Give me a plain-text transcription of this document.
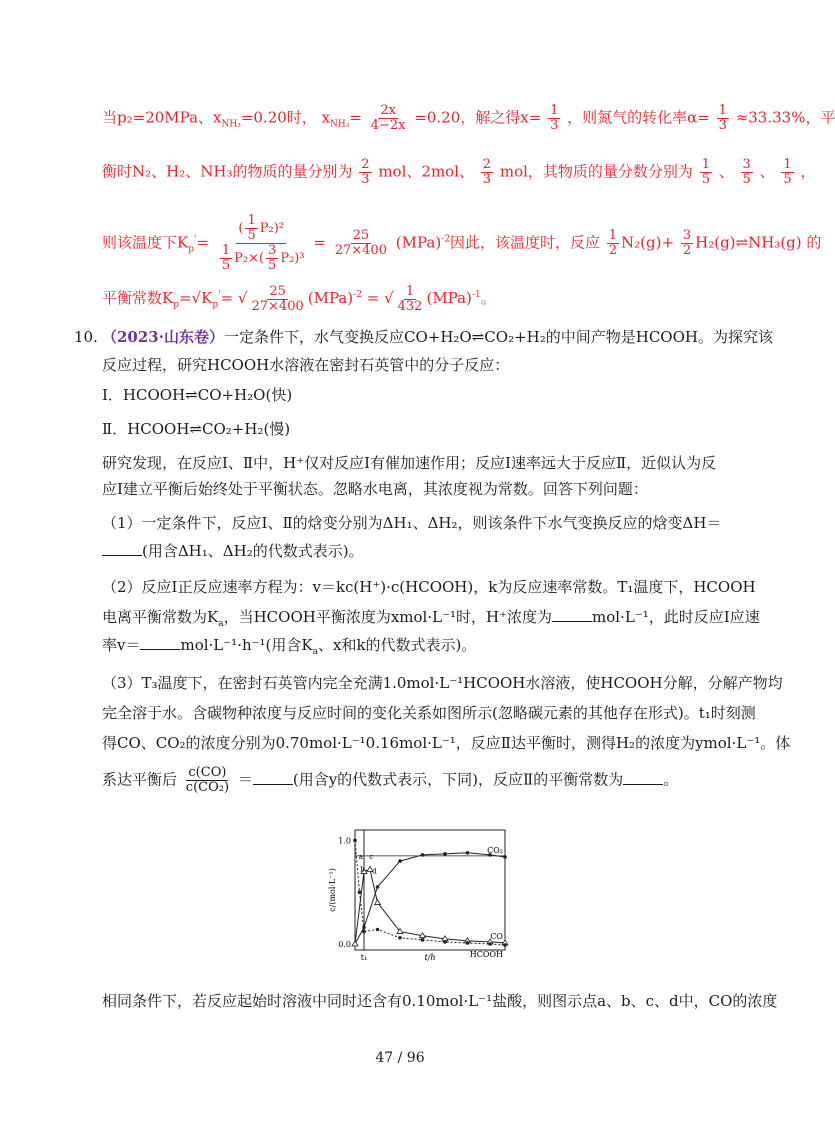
当p₂=20MPa、$x_{NH_3}=0.20$时， $x_{NH_3}= \frac{2x}{4-2x} =0.20$，解之得$x= \frac{1}{3}$ ，则氮气的转化率$\alpha= \frac{1}{3} \approx 33.33\%$，平
衡时N₂、H₂、NH₃的物质的量分别为 $\frac{2}{3}$ mol、2mol、 $\frac{2}{3}$ mol，其物质的量分数分别为 $\frac{1}{5}$ 、 $\frac{3}{5}$ 、 $\frac{1}{5}$ ，
则该温度下$K_p'= \frac{( \frac{1}{5} P_2)^2}{\frac{1}{5} P_2\times( \frac{3}{5} P_2)^3} = \frac{25}{27\times 400} (MPa)^{-2}$因此，该温度时，反应 $\frac{1}{2} N_2(g)+ \frac{3}{2}$ H₂(g)⇌NH₃(g) 的
平衡常数$K_p=√K_p'=$ √ $\frac{25}{27\times 400} (MPa)^{-2}$ = √ $\frac{1}{432} (MPa)^{-1}$。
10. （2023·山东卷）一定条件下，水气变换反应CO+H₂O⇌CO₂+H₂的中间产物是HCOOH。为探究该
反应过程，研究HCOOH水溶液在密封石英管中的分子反应：
Ⅰ．HCOOH⇌CO+H₂O(快)
Ⅱ．HCOOH⇌CO₂+H₂(慢)
研究发现，在反应Ⅰ、Ⅱ中，H⁺仅对反应Ⅰ有催加速作用；反应Ⅰ速率远大于反应Ⅱ，近似认为反
应Ⅰ建立平衡后始终处于平衡状态。忽略水电离，其浓度视为常数。回答下列问题：
（1）一定条件下，反应Ⅰ、Ⅱ的焓变分别为ΔH₁、ΔH₂，则该条件下水气变换反应的焓变ΔH＝
(用含ΔH₁、ΔH₂的代数式表示)。
（2）反应Ⅰ正反应速率方程为：v＝kc(H⁺)·c(HCOOH)，k为反应速率常数。T₁温度下，HCOOH
电离平衡常数为$K_a$，当HCOOH平衡浓度为xmol·L⁻¹时，H⁺浓度为	mol·L⁻¹，此时反应Ⅰ应速
率v＝	mol·L⁻¹·h⁻¹(用含$K_a$、x和k的代数式表示)。
（3）T₃温度下，在密封石英管内完全充满1.0mol·L⁻¹HCOOH水溶液，使HCOOH分解，分解产物均
完全溶于水。含碳物种浓度与反应时间的变化关系如图所示(忽略碳元素的其他存在形式)。t₁时刻测
得CO、CO₂的浓度分别为0.70mol·L⁻¹0.16mol·L⁻¹，反应Ⅱ达平衡时，测得H₂的浓度为ymol·L⁻¹。体
系达平衡后 $\frac{c(CO)}{\text{c(CO₂)}}$ ＝	(用含y的代数式表示，下同)，反应Ⅱ的平衡常数为	。
1.0
0.0
c/(mol·L⁻¹)
t₁	t/h
CO₂
CO
HCOOH
a
b
c
d
相同条件下，若反应起始时溶液中同时还含有0.10mol·L⁻¹盐酸，则图示点a、b、c、d中，CO的浓度
47 / 96
